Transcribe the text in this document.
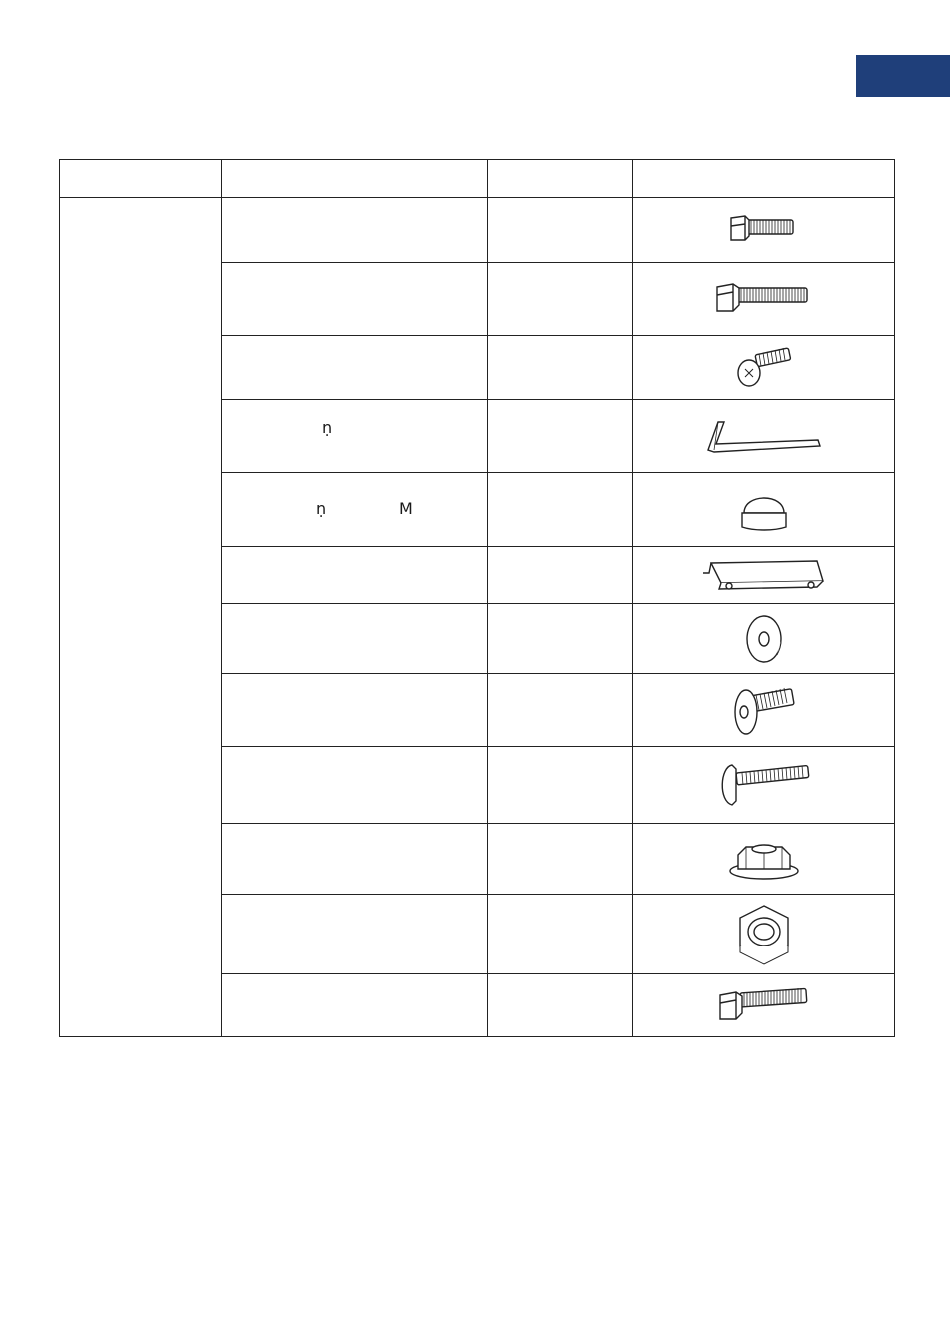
	ṇ

	ṇ M
